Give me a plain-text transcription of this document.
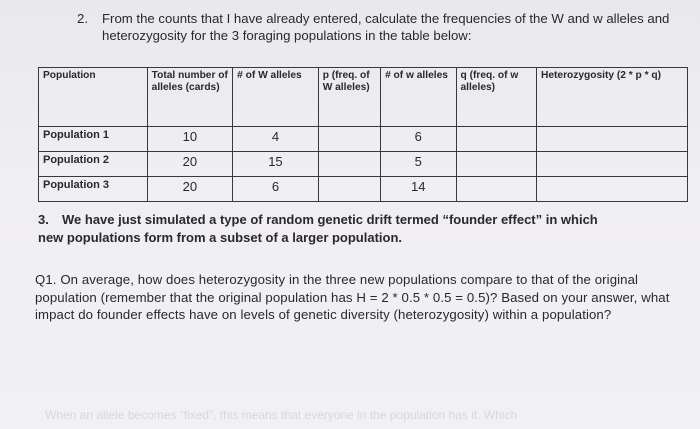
2. From the counts that I have already entered, calculate the frequencies of the W and w alleles and heterozygosity for the 3 foraging populations in the table below:
Population	Total number of alleles (cards)	# of W alleles	p (freq. of W alleles)	# of w alleles	q (freq. of w alleles)	Heterozygosity (2 * p * q)
Population 1	10	4		6		
Population 2	20	15		5		
Population 3	20	6		14		
3. We have just simulated a type of random genetic drift termed “founder effect” in which
new populations form from a subset of a larger population.
Q1. On average, how does heterozygosity in the three new populations compare to that of the original population (remember that the original population has H = 2 * 0.5 * 0.5 = 0.5)? Based on your answer, what impact do founder effects have on levels of genetic diversity (heterozygosity) within a population?
When an allele becomes “fixed”, this means that everyone in the population has it. Which
